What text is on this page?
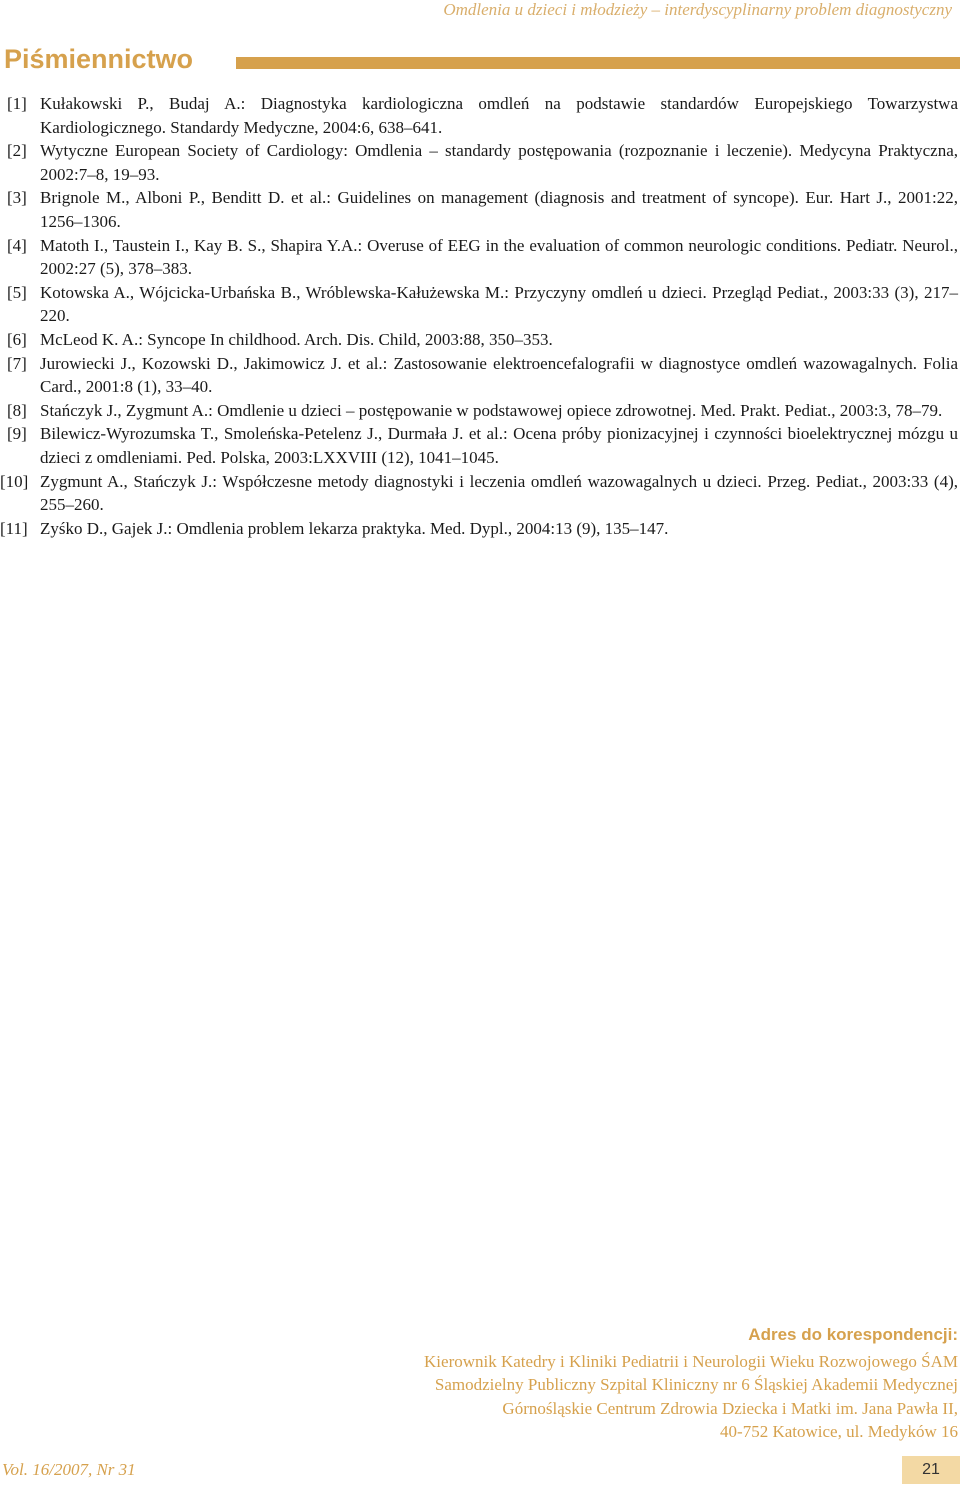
Omdlenia u dzieci i młodzieży – interdyscyplinarny problem diagnostyczny
Piśmiennictwo

[1] Kułakowski P., Budaj A.: Diagnostyka kardiologiczna omdleń na podstawie standardów Europejskiego Towarzystwa Kardiologicznego. Standardy Medyczne, 2004:6, 638–641.

[2] Wytyczne European Society of Cardiology: Omdlenia – standardy postępowania (rozpoznanie i leczenie). Medycyna Praktyczna, 2002:7–8, 19–93.

[3] Brignole M., Alboni P., Benditt D. et al.: Guidelines on management (diagnosis and treatment of syncope). Eur. Hart J., 2001:22, 1256–1306.

[4] Matoth I., Taustein I., Kay B. S., Shapira Y.A.: Overuse of EEG in the evaluation of common neurologic conditions. Pediatr. Neurol., 2002:27 (5), 378–383.

[5] Kotowska A., Wójcicka-Urbańska B., Wróblewska-Kałużewska M.: Przyczyny omdleń u dzieci. Przegląd Pediat., 2003:33 (3), 217–220.

[6] McLeod K. A.: Syncope In childhood. Arch. Dis. Child, 2003:88, 350–353.

[7] Jurowiecki J., Kozowski D., Jakimowicz J. et al.: Zastosowanie elektroencefalografii w diagnostyce omdleń wazowagalnych. Folia Card., 2001:8 (1), 33–40.

[8] Stańczyk J., Zygmunt A.: Omdlenie u dzieci – postępowanie w podstawowej opiece zdrowotnej. Med. Prakt. Pediat., 2003:3, 78–79.

[9] Bilewicz-Wyrozumska T., Smoleńska-Petelenz J., Durmała J. et al.: Ocena próby pionizacyjnej i czynności bioelektrycznej mózgu u dzieci z omdleniami. Ped. Polska, 2003:LXXVIII (12), 1041–1045.

[10] Zygmunt A., Stańczyk J.: Współczesne metody diagnostyki i leczenia omdleń wazowagalnych u dzieci. Przeg. Pediat., 2003:33 (4), 255–260.

[11] Zyśko D., Gajek J.: Omdlenia problem lekarza praktyka. Med. Dypl., 2004:13 (9), 135–147.

Adres do korespondencji:
Kierownik Katedry i Kliniki Pediatrii i Neurologii Wieku Rozwojowego ŚAM
Samodzielny Publiczny Szpital Kliniczny nr 6 Śląskiej Akademii Medycznej
Górnośląskie Centrum Zdrowia Dziecka i Matki im. Jana Pawła II,
40-752 Katowice, ul. Medyków 16
Vol. 16/2007, Nr 31	21
